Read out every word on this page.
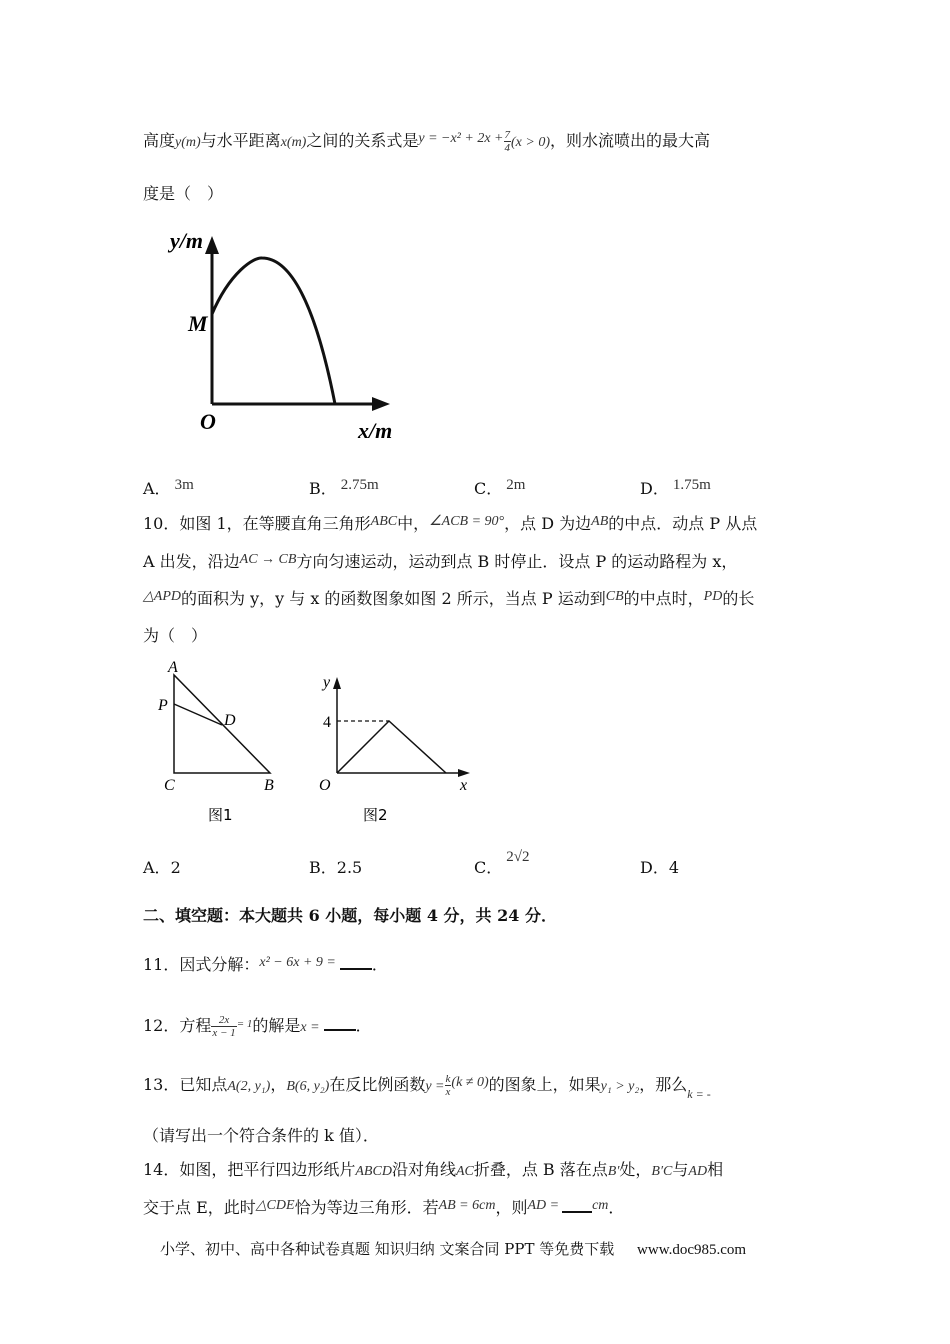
高度y(m)与水平距离x(m)之间的关系式是$y = -x^2 + 2x + \frac{7}{4} (x > 0)$，则水流喷出的最大高
度是（　）
y/m
M
O	x/m
A． 3m	B． 2.75m	C． 2m	D． 1.75m
10．如图 1，在等腰直角三角形ABC中，∠ACB = 90°，点 D 为边AB的中点．动点 P 从点
A 出发，沿边AC → CB方向匀速运动，运动到点 B 时停止．设点 P 的运动路程为 x，
△APD的面积为 y，y 与 x 的函数图象如图 2 所示，当点 P 运动到CB的中点时，PD的长
为（　）
A
P
D
C	B
图1
y
4
O	x
图2
A．2	B．2.5	C．2√2
D．4
二、填空题：本大题共 6 小题，每小题 4 分，共 24 分．
11．因式分解：x² − 6x + 9 = ．
12．方程 $\frac{2x}{x - 1} ^{= 1}$的解是x = ．
13．已知点A(2, y₁)，B(6, y₂)在反比例函数$y = \frac{k}{x} (k \ne 0)$的图象上，如果y₁ > y₂，那么$_{k = -}$
（请写出一个符合条件的 k 值）．
14．如图，把平行四边形纸片ABCD沿对角线AC折叠，点 B 落在点B′处，B′C与AD相
交于点 E，此时△CDE恰为等边三角形．若AB = 6cm，则AD = cm．
小学、初中、高中各种试卷真题 知识归纳 文案合同 PPT 等免费下载 www.doc985.com
